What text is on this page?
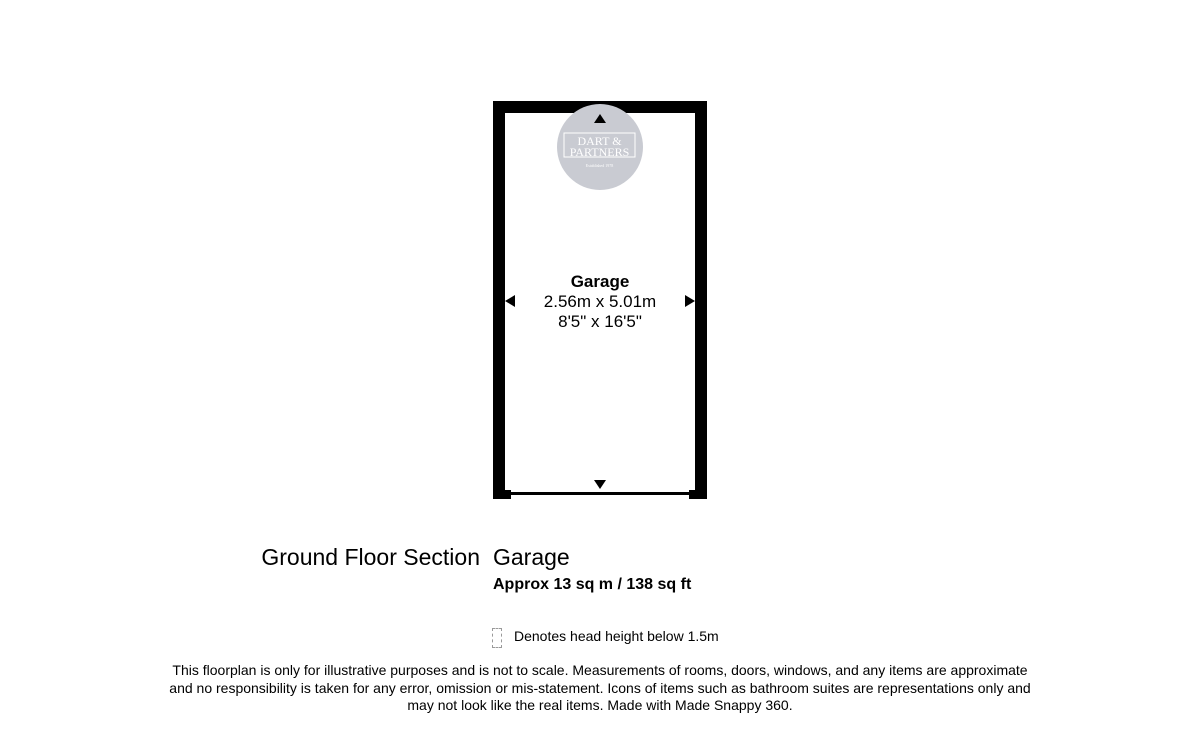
DART &
PARTNERS
Established 1978
Garage
2.56m x 5.01m
8'5" x 16'5"
Ground Floor Section Garage
Approx 13 sq m / 138 sq ft
Denotes head height below 1.5m
This floorplan is only for illustrative purposes and is not to scale. Measurements of rooms, doors, windows, and any items are approximate
and no responsibility is taken for any error, omission or mis-statement. Icons of items such as bathroom suites are representations only and
may not look like the real items. Made with Made Snappy 360.
